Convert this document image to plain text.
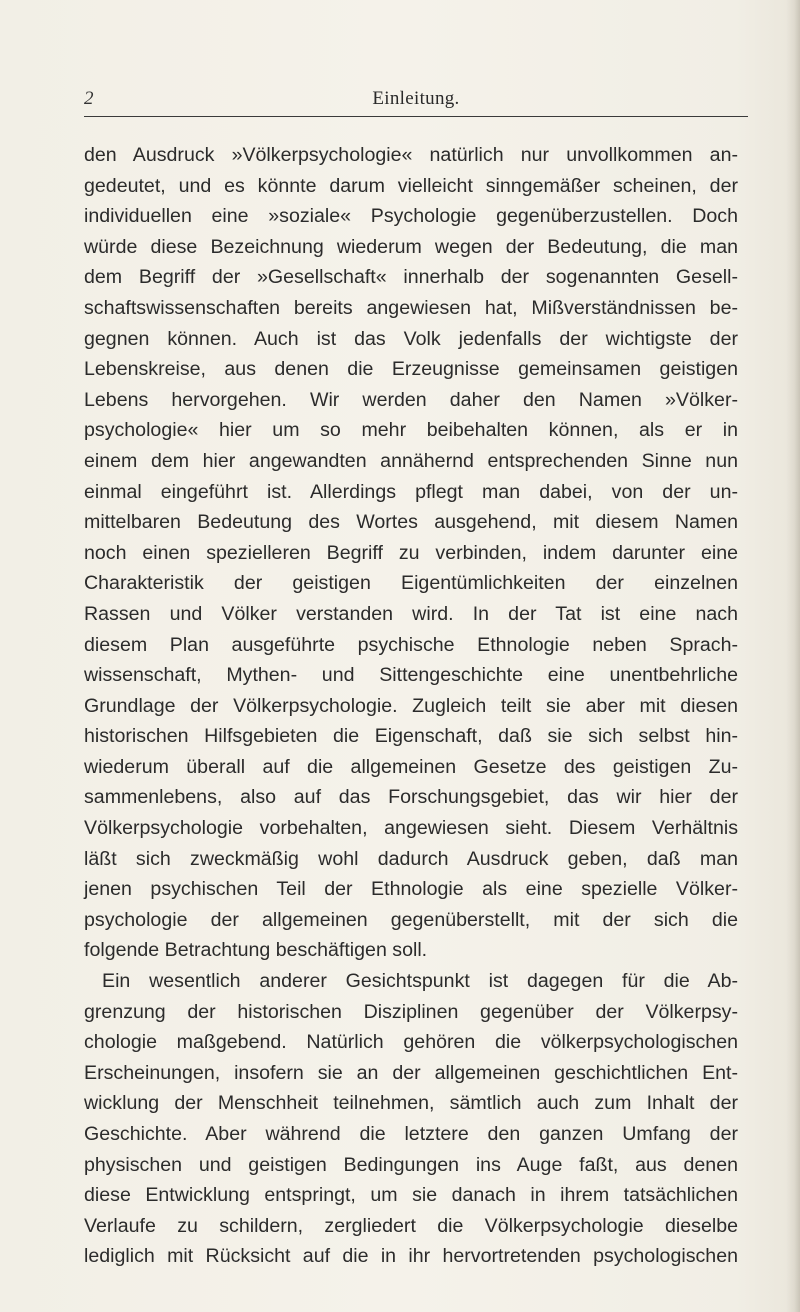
2	Einleitung.
den Ausdruck »Völkerpsychologie« natürlich nur unvollkommen an-
gedeutet, und es könnte darum vielleicht sinngemäßer scheinen, der
individuellen eine »soziale« Psychologie gegenüberzustellen. Doch
würde diese Bezeichnung wiederum wegen der Bedeutung, die man
dem Begriff der »Gesellschaft« innerhalb der sogenannten Gesell-
schaftswissenschaften bereits angewiesen hat, Mißverständnissen be-
gegnen können. Auch ist das Volk jedenfalls der wichtigste der
Lebenskreise, aus denen die Erzeugnisse gemeinsamen geistigen
Lebens hervorgehen. Wir werden daher den Namen »Völker-
psychologie« hier um so mehr beibehalten können, als er in
einem dem hier angewandten annähernd entsprechenden Sinne nun
einmal eingeführt ist. Allerdings pflegt man dabei, von der un-
mittelbaren Bedeutung des Wortes ausgehend, mit diesem Namen
noch einen spezielleren Begriff zu verbinden, indem darunter eine
Charakteristik der geistigen Eigentümlichkeiten der einzelnen
Rassen und Völker verstanden wird. In der Tat ist eine nach
diesem Plan ausgeführte psychische Ethnologie neben Sprach-
wissenschaft, Mythen- und Sittengeschichte eine unentbehrliche
Grundlage der Völkerpsychologie. Zugleich teilt sie aber mit diesen
historischen Hilfsgebieten die Eigenschaft, daß sie sich selbst hin-
wiederum überall auf die allgemeinen Gesetze des geistigen Zu-
sammenlebens, also auf das Forschungsgebiet, das wir hier der
Völkerpsychologie vorbehalten, angewiesen sieht. Diesem Verhältnis
läßt sich zweckmäßig wohl dadurch Ausdruck geben, daß man
jenen psychischen Teil der Ethnologie als eine spezielle Völker-
psychologie der allgemeinen gegenüberstellt, mit der sich die
folgende Betrachtung beschäftigen soll.
Ein wesentlich anderer Gesichtspunkt ist dagegen für die Ab-
grenzung der historischen Disziplinen gegenüber der Völkerpsy-
chologie maßgebend. Natürlich gehören die völkerpsychologischen
Erscheinungen, insofern sie an der allgemeinen geschichtlichen Ent-
wicklung der Menschheit teilnehmen, sämtlich auch zum Inhalt der
Geschichte. Aber während die letztere den ganzen Umfang der
physischen und geistigen Bedingungen ins Auge faßt, aus denen
diese Entwicklung entspringt, um sie danach in ihrem tatsächlichen
Verlaufe zu schildern, zergliedert die Völkerpsychologie dieselbe
lediglich mit Rücksicht auf die in ihr hervortretenden psychologischen
